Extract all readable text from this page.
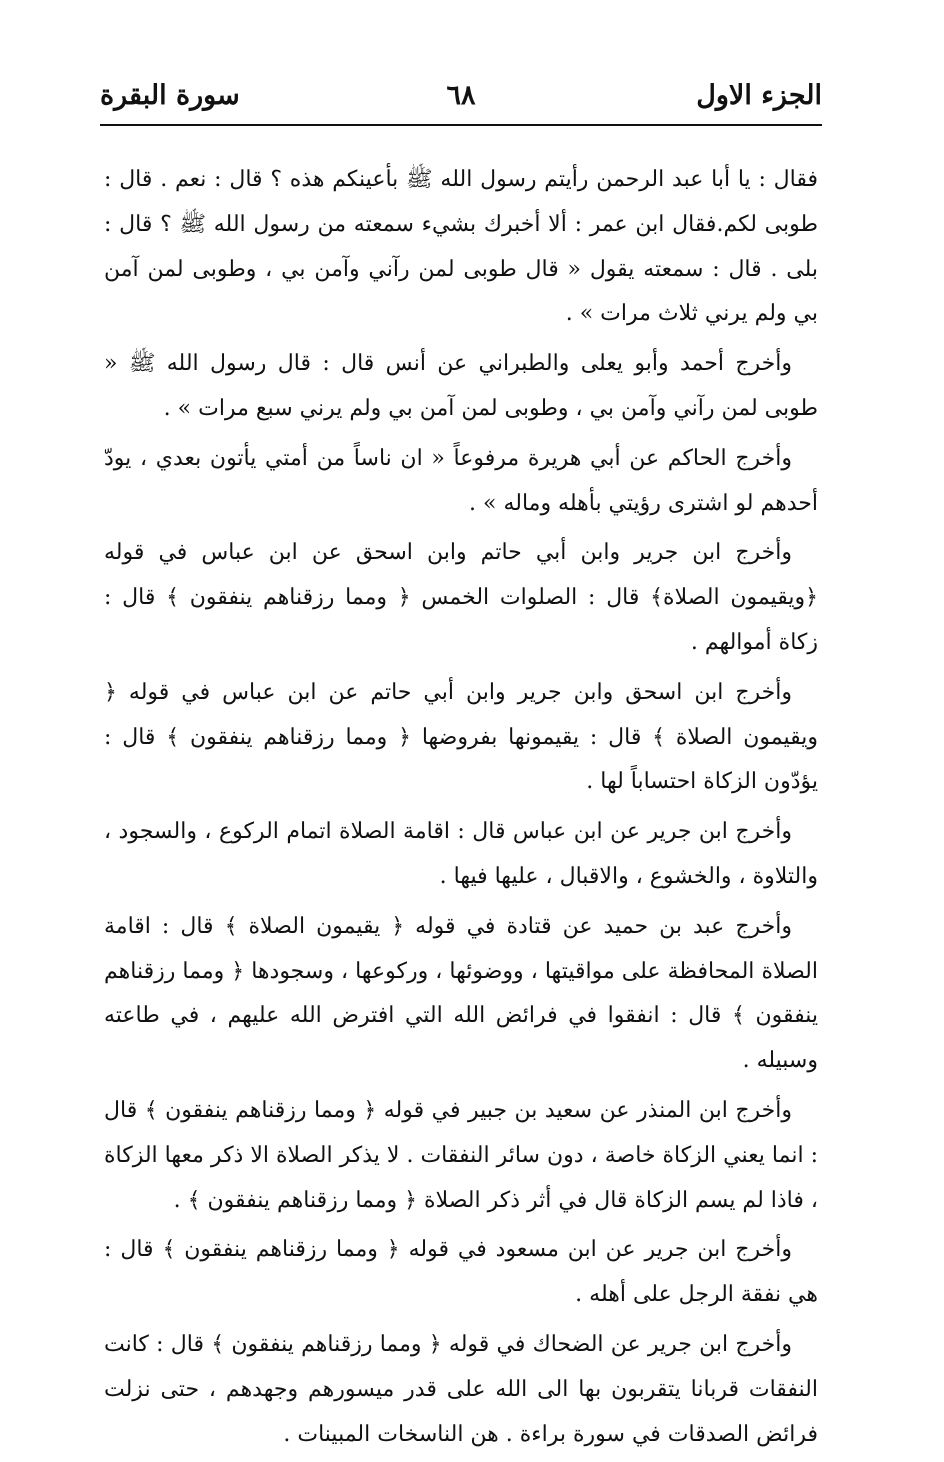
الجزء الاول
٦٨
سورة البقرة

فقال : يا أبا عبد الرحمن رأيتم رسول الله ﷺ بأعينكم هذه ؟ قال : نعم . قال : طوبى لكم.فقال ابن عمر : ألا أخبرك بشيء سمعته من رسول الله ﷺ ؟ قال : بلى . قال : سمعته يقول « قال طوبى لمن رآني وآمن بي ، وطوبى لمن آمن بي ولم يرني ثلاث مرات » .

وأخرج أحمد وأبو يعلى والطبراني عن أنس قال : قال رسول الله ﷺ « طوبى لمن رآني وآمن بي ، وطوبى لمن آمن بي ولم يرني سبع مرات » .

وأخرج الحاكم عن أبي هريرة مرفوعاً « ان ناساً من أمتي يأتون بعدي ، يودّ أحدهم لو اشترى رؤيتي بأهله وماله » .

وأخرج ابن جرير وابن أبي حاتم وابن اسحق عن ابن عباس في قوله ﴿ويقيمون الصلاة﴾ قال : الصلوات الخمس ﴿ ومما رزقناهم ينفقون ﴾ قال : زكاة أموالهم .

وأخرج ابن اسحق وابن جرير وابن أبي حاتم عن ابن عباس في قوله ﴿ ويقيمون الصلاة ﴾ قال : يقيمونها بفروضها ﴿ ومما رزقناهم ينفقون ﴾ قال : يؤدّون الزكاة احتساباً لها .

وأخرج ابن جرير عن ابن عباس قال : اقامة الصلاة اتمام الركوع ، والسجود ، والتلاوة ، والخشوع ، والاقبال ، عليها فيها .

وأخرج عبد بن حميد عن قتادة في قوله ﴿ يقيمون الصلاة ﴾ قال : اقامة الصلاة المحافظة على مواقيتها ، ووضوئها ، وركوعها ، وسجودها ﴿ ومما رزقناهم ينفقون ﴾ قال : انفقوا في فرائض الله التي افترض الله عليهم ، في طاعته وسبيله .

وأخرج ابن المنذر عن سعيد بن جبير في قوله ﴿ ومما رزقناهم ينفقون ﴾ قال : انما يعني الزكاة خاصة ، دون سائر النفقات . لا يذكر الصلاة الا ذكر معها الزكاة ، فاذا لم يسم الزكاة قال في أثر ذكر الصلاة ﴿ ومما رزقناهم ينفقون ﴾ .

وأخرج ابن جرير عن ابن مسعود في قوله ﴿ ومما رزقناهم ينفقون ﴾ قال : هي نفقة الرجل على أهله .

وأخرج ابن جرير عن الضحاك في قوله ﴿ ومما رزقناهم ينفقون ﴾ قال : كانت النفقات قربانا يتقربون بها الى الله على قدر ميسورهم وجهدهم ، حتى نزلت فرائض الصدقات في سورة براءة . هن الناسخات المبينات .
